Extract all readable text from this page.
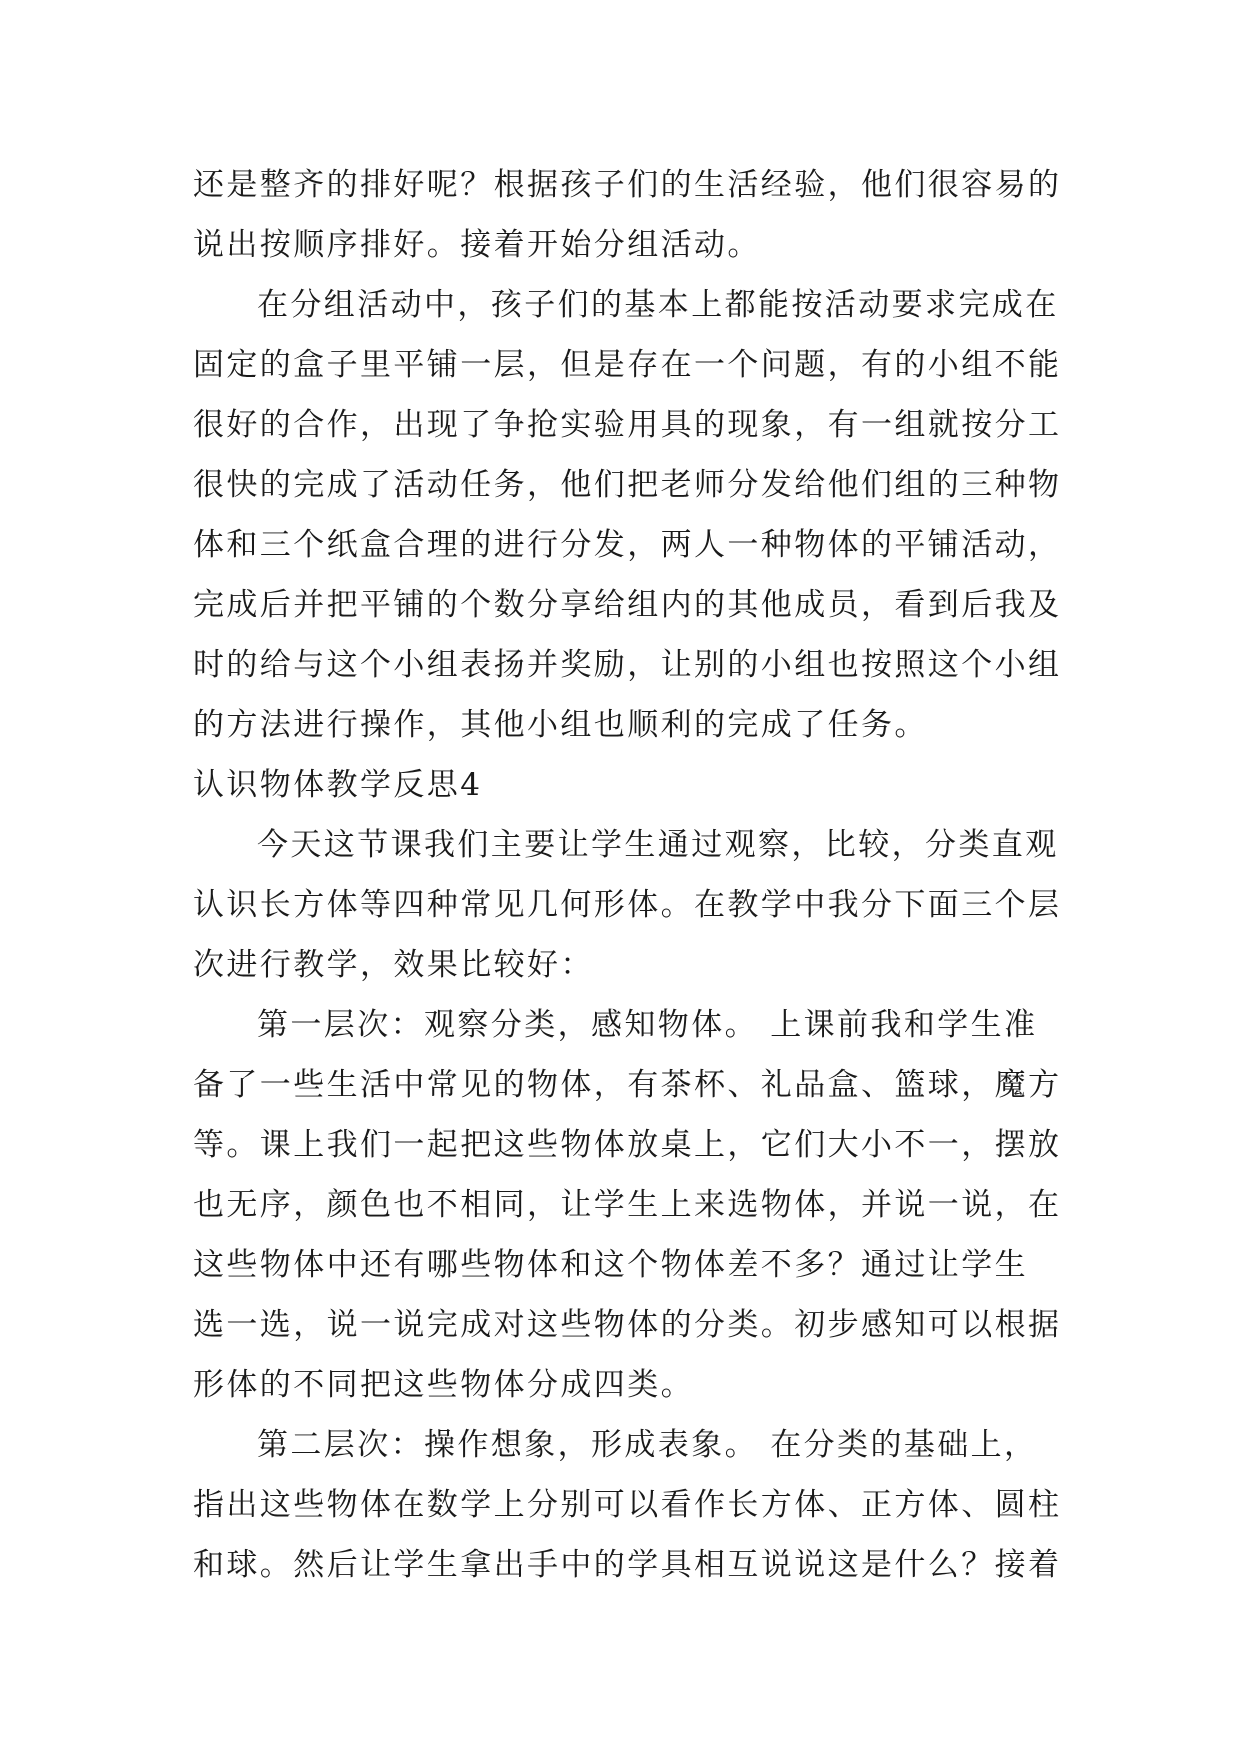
还是整齐的排好呢？根据孩子们的生活经验，他们很容易的
说出按顺序排好。接着开始分组活动。
在分组活动中，孩子们的基本上都能按活动要求完成在
固定的盒子里平铺一层，但是存在一个问题，有的小组不能
很好的合作，出现了争抢实验用具的现象，有一组就按分工
很快的完成了活动任务，他们把老师分发给他们组的三种物
体和三个纸盒合理的进行分发，两人一种物体的平铺活动，
完成后并把平铺的个数分享给组内的其他成员，看到后我及
时的给与这个小组表扬并奖励，让别的小组也按照这个小组
的方法进行操作，其他小组也顺利的完成了任务。
认识物体教学反思4
今天这节课我们主要让学生通过观察，比较，分类直观
认识长方体等四种常见几何形体。在教学中我分下面三个层
次进行教学，效果比较好：
第一层次：观察分类，感知物体。 上课前我和学生准
备了一些生活中常见的物体，有茶杯、礼品盒、篮球，魔方
等。课上我们一起把这些物体放桌上，它们大小不一，摆放
也无序，颜色也不相同，让学生上来选物体，并说一说，在
这些物体中还有哪些物体和这个物体差不多？通过让学生
选一选，说一说完成对这些物体的分类。初步感知可以根据
形体的不同把这些物体分成四类。
第二层次：操作想象，形成表象。 在分类的基础上，
指出这些物体在数学上分别可以看作长方体、正方体、圆柱
和球。然后让学生拿出手中的学具相互说说这是什么？接着
